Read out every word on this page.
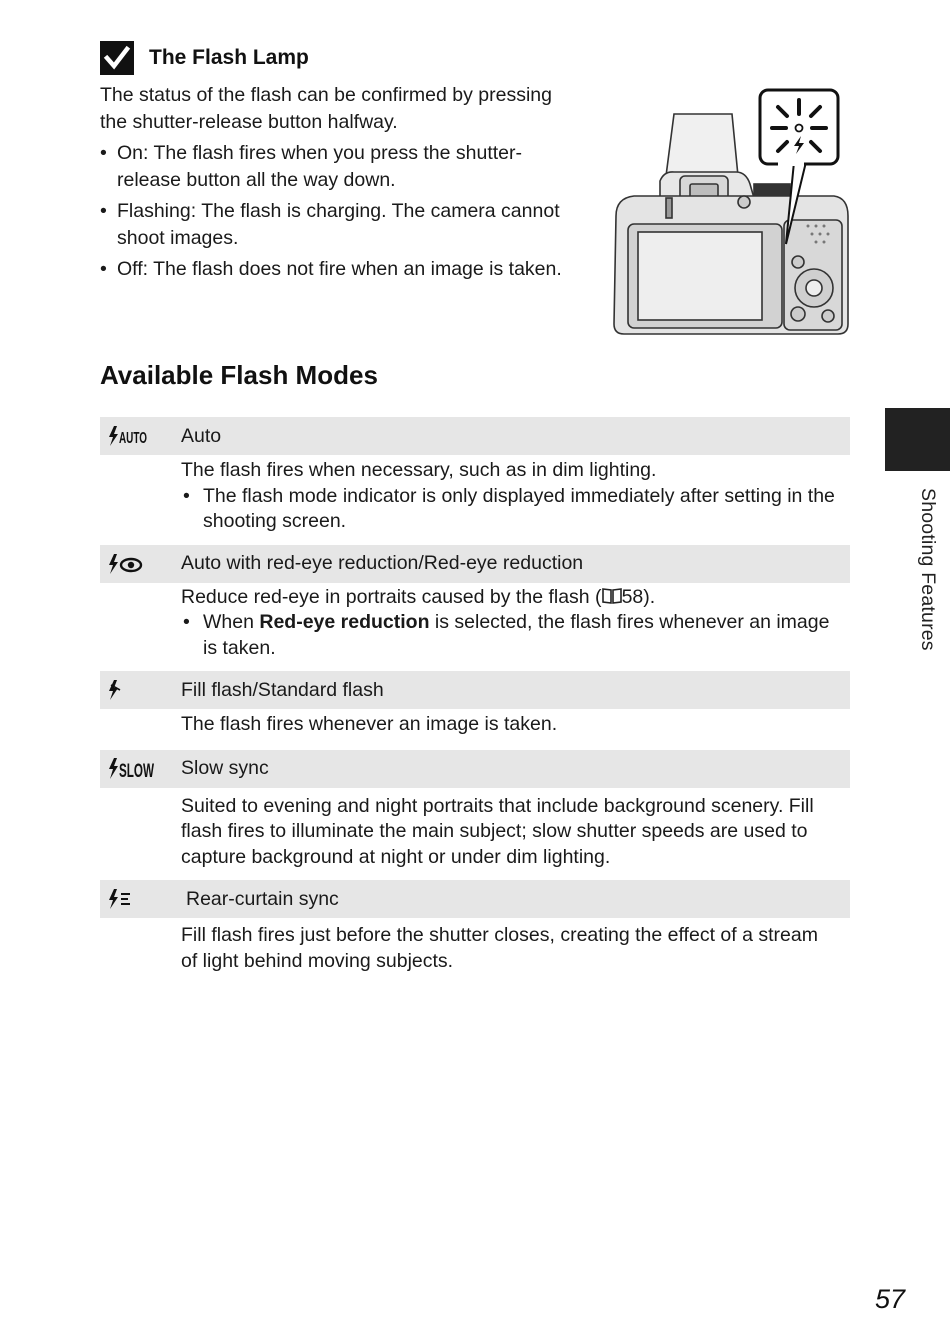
The Flash Lamp

The status of the flash can be confirmed by pressing the shutter-release button halfway.

• On: The flash fires when you press the shutter-release button all the way down.
• Flashing: The flash is charging. The camera cannot shoot images.
• Off: The flash does not fire when an image is taken.
Available Flash Modes
AUTO Auto

The flash fires when necessary, such as in dim lighting.

• The flash mode indicator is only displayed immediately after setting in the shooting screen.
Auto with red-eye reduction/Red-eye reduction

Reduce red-eye in portraits caused by the flash ( 58).

• When Red-eye reduction is selected, the flash fires whenever an image is taken.
Fill flash/Standard flash

The flash fires whenever an image is taken.

SLOW Slow sync

Suited to evening and night portraits that include background scenery. Fill flash fires to illuminate the main subject; slow shutter speeds are used to capture background at night or under dim lighting.

Rear-curtain sync

Fill flash fires just before the shutter closes, creating the effect of a stream of light behind moving subjects.

Shooting Features
57
